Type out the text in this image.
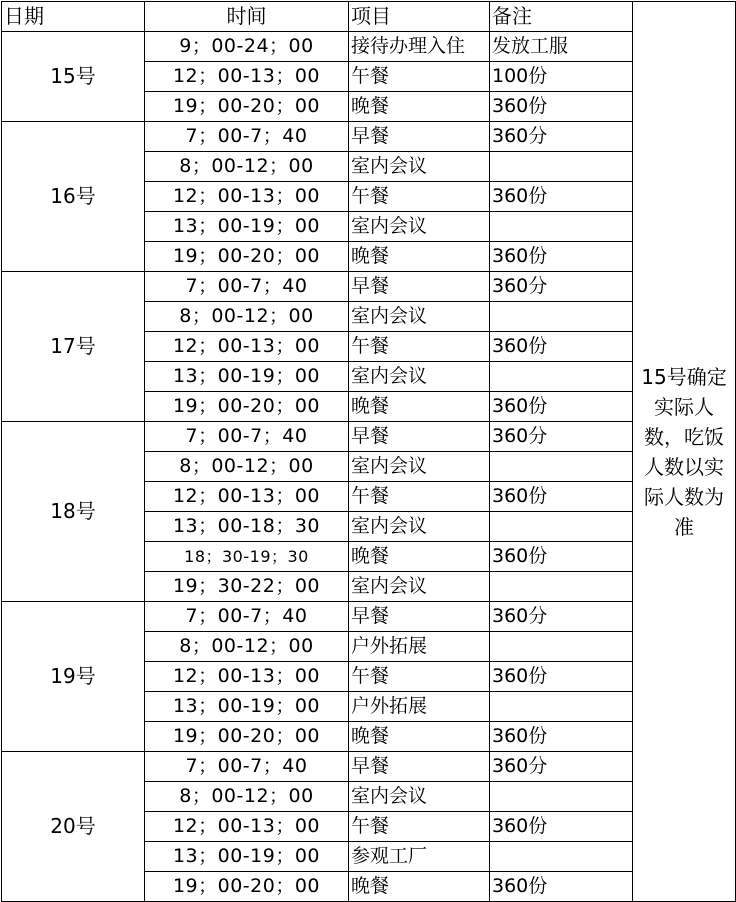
日期	时间	项目	备注	15号确定实际人数，吃饭人数以实际人数为准
15号	9；00-24；00	接待办理入住	发放工服	
	12；00-13；00	午餐	100份	
	19；00-20；00	晚餐	360份	
16号	7；00-7；40	早餐	360分	
	8；00-12；00	室内会议		
	12；00-13；00	午餐	360份	
	13；00-19；00	室内会议		
	19；00-20；00	晚餐	360份	
17号	7；00-7；40	早餐	360分	
	8；00-12；00	室内会议		
	12；00-13；00	午餐	360份	
	13；00-19；00	室内会议		
	19；00-20；00	晚餐	360份	
18号	7；00-7；40	早餐	360分	
	8；00-12；00	室内会议		
	12；00-13；00	午餐	360份	
	13；00-18；30	室内会议		
	18；30-19；30	晚餐	360份	
	19；30-22；00	室内会议		
19号	7；00-7；40	早餐	360分	
	8；00-12；00	户外拓展		
	12；00-13；00	午餐	360份	
	13；00-19；00	户外拓展		
	19；00-20；00	晚餐	360份	
20号	7；00-7；40	早餐	360分	
	8；00-12；00	室内会议		
	12；00-13；00	午餐	360份	
	13；00-19；00	参观工厂		
	19；00-20；00	晚餐	360份	
